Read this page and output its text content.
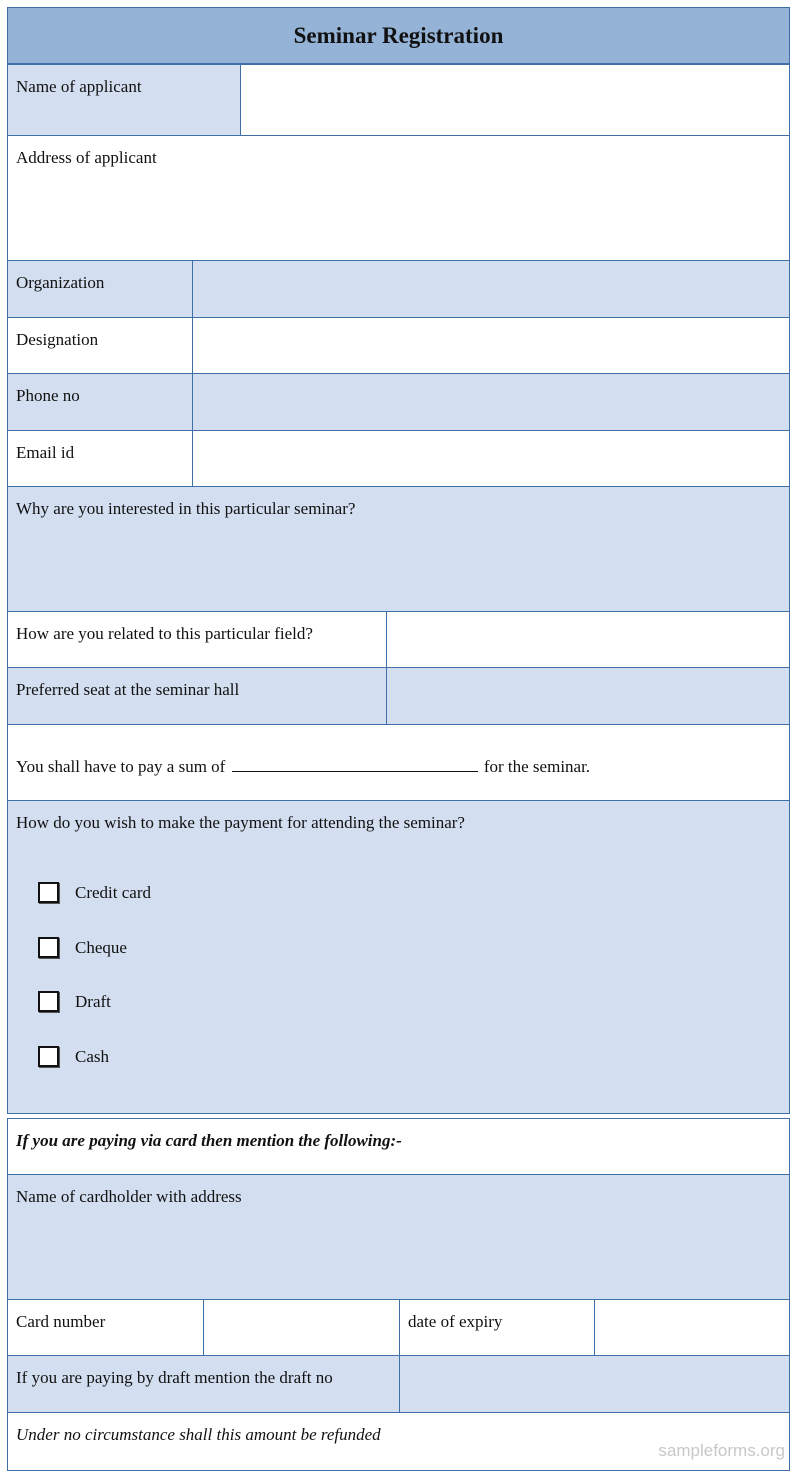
Seminar Registration
Name of applicant
Address of applicant
Organization
Designation
Phone no
Email id
Why are you interested in this particular seminar?
How are you related to this particular field?
Preferred seat at the seminar hall
You shall have to pay a sum of	for the seminar.
How do you wish to make the payment for attending the seminar?
Credit card
Cheque
Draft
Cash
If you are paying via card then mention the following:-
Name of cardholder with address
Card number	date of expiry
If you are paying by draft mention the draft no
Under no circumstance shall this amount be refunded
sampleforms.org
